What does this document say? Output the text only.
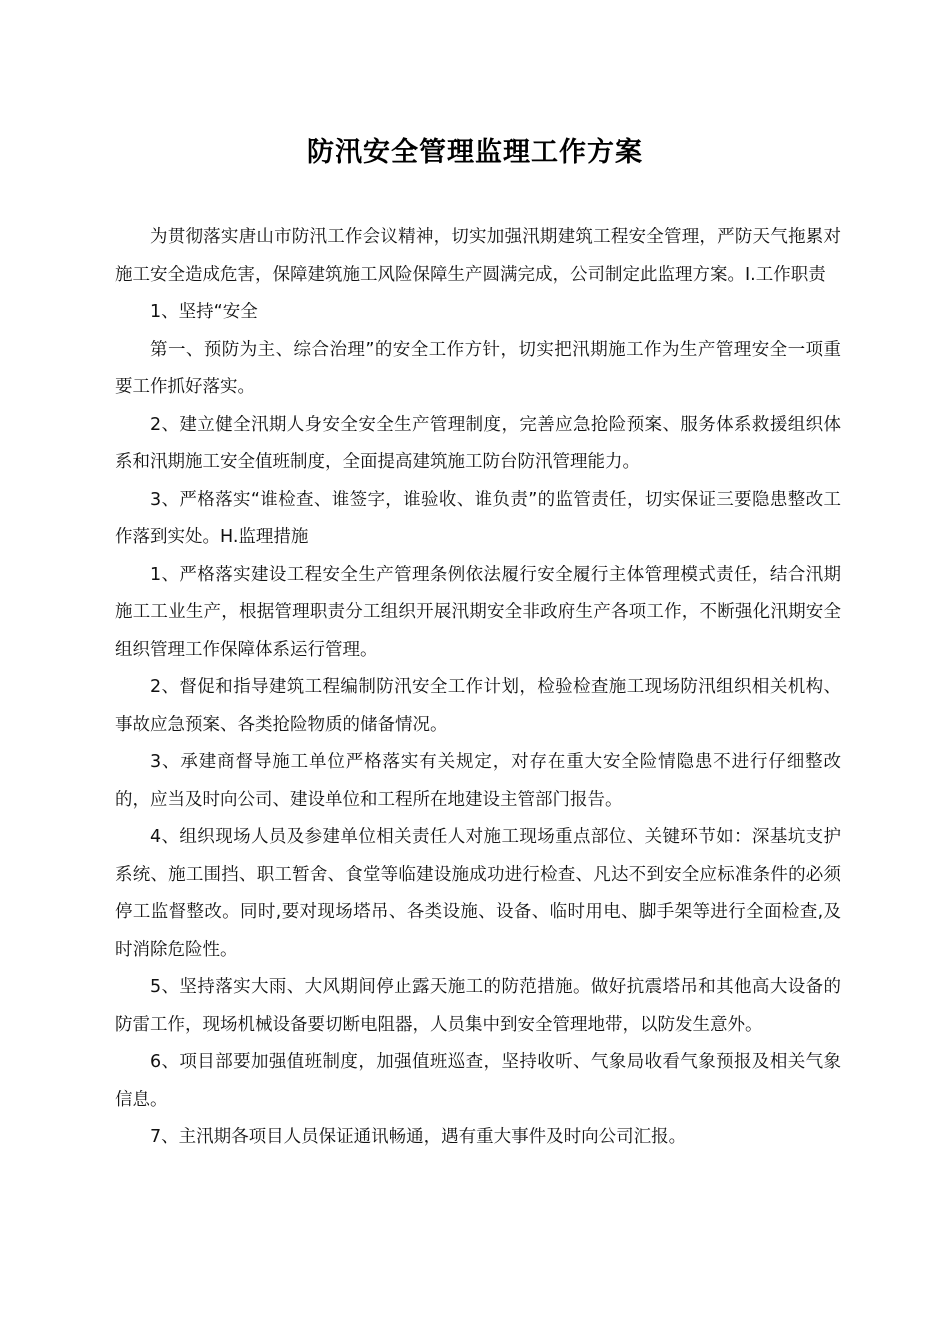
防汛安全管理监理工作方案

为贯彻落实唐山市防汛工作会议精神，切实加强汛期建筑工程安全管理，严防天气拖累对施工安全造成危害，保障建筑施工风险保障生产圆满完成，公司制定此监理方案。I.工作职责

1、坚持“安全

第一、预防为主、综合治理”的安全工作方针，切实把汛期施工作为生产管理安全一项重要工作抓好落实。

2、建立健全汛期人身安全安全生产管理制度，完善应急抢险预案、服务体系救援组织体系和汛期施工安全值班制度，全面提高建筑施工防台防汛管理能力。

3、严格落实“谁检查、谁签字，谁验收、谁负责”的监管责任，切实保证三要隐患整改工作落到实处。H.监理措施

1、严格落实建设工程安全生产管理条例依法履行安全履行主体管理模式责任，结合汛期施工工业生产，根据管理职责分工组织开展汛期安全非政府生产各项工作，不断强化汛期安全组织管理工作保障体系运行管理。

2、督促和指导建筑工程编制防汛安全工作计划，检验检查施工现场防汛组织相关机构、事故应急预案、各类抢险物质的储备情况。

3、承建商督导施工单位严格落实有关规定，对存在重大安全险情隐患不进行仔细整改的，应当及时向公司、建设单位和工程所在地建设主管部门报告。

4、组织现场人员及参建单位相关责任人对施工现场重点部位、关键环节如：深基坑支护系统、施工围挡、职工暂舍、食堂等临建设施成功进行检查、凡达不到安全应标准条件的必须停工监督整改。同时,要对现场塔吊、各类设施、设备、临时用电、脚手架等进行全面检查,及时消除危险性。

5、坚持落实大雨、大风期间停止露天施工的防范措施。做好抗震塔吊和其他高大设备的防雷工作，现场机械设备要切断电阻器，人员集中到安全管理地带，以防发生意外。

6、项目部要加强值班制度，加强值班巡查，坚持收听、气象局收看气象预报及相关气象信息。

7、主汛期各项目人员保证通讯畅通，遇有重大事件及时向公司汇报。
